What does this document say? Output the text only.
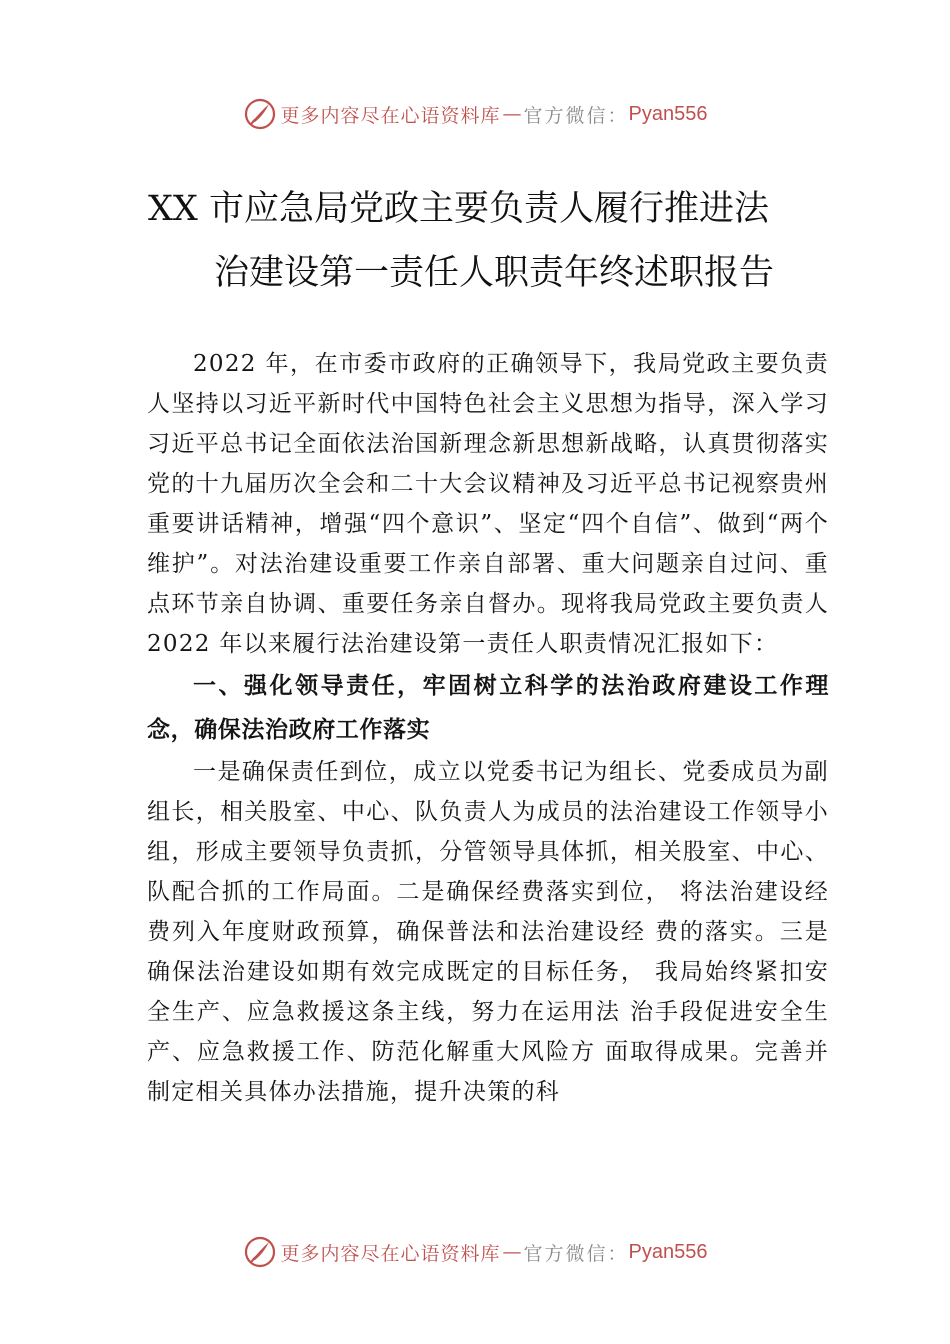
更多内容尽在心语资料库 — 官方微信： Pyan556
XX 市应急局党政主要负责人履行推进法
治建设第一责任人职责年终述职报告

2022 年，在市委市政府的正确领导下，我局党政主要负责人坚持以习近平新时代中国特色社会主义思想为指导，深入学习习近平总书记全面依法治国新理念新思想新战略，认真贯彻落实党的十九届历次全会和二十大会议精神及习近平总书记视察贵州重要讲话精神，增强“四个意识”、坚定“四个自信”、做到“两个维护”。对法治建设重要工作亲自部署、重大问题亲自过问、重点环节亲自协调、重要任务亲自督办。现将我局党政主要负责人 2022 年以来履行法治建设第一责任人职责情况汇报如下：

一、强化领导责任，牢固树立科学的法治政府建设工作理念，确保法治政府工作落实

一是确保责任到位，成立以党委书记为组长、党委成员为副组长，相关股室、中心、队负责人为成员的法治建设工作领导小组，形成主要领导负责抓，分管领导具体抓，相关股室、中心、队配合抓的工作局面。二是确保经费落实到位， 将法治建设经费列入年度财政预算，确保普法和法治建设经 费的落实。三是确保法治建设如期有效完成既定的目标任务， 我局始终紧扣安全生产、应急救援这条主线，努力在运用法 治手段促进安全生产、应急救援工作、防范化解重大风险方 面取得成果。完善并制定相关具体办法措施，提升决策的科

更多内容尽在心语资料库 — 官方微信： Pyan556
